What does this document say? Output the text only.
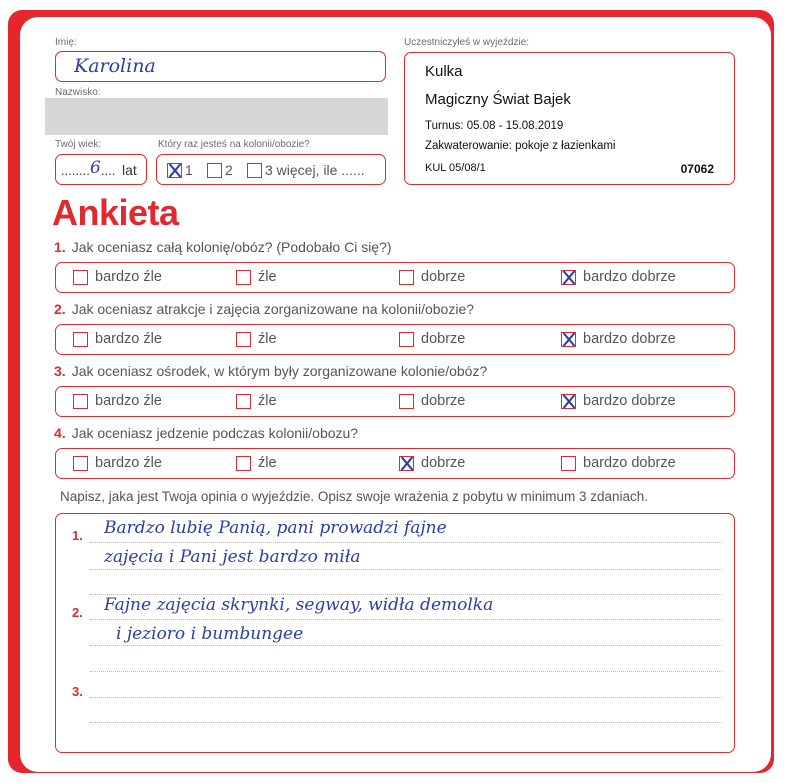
Imię:
Karolina
Nazwisko:
Twój wiek:
........ 6 .... lat
Który raz jesteś na kolonii/obozie?
1 2 3 więcej, ile ......
Uczestniczyłeś w wyjeździe:
Kulka
Magiczny Świat Bajek
Turnus: 05.08 - 15.08.2019
Zakwaterowanie: pokoje z łazienkami
KUL 05/08/1	07062
Ankieta
1. Jak oceniasz całą kolonię/obóz? (Podobało Ci się?)
bardzo źle	źle	dobrze	bardzo dobrze
2. Jak oceniasz atrakcje i zajęcia zorganizowane na kolonii/obozie?
bardzo źle	źle	dobrze	bardzo dobrze
3. Jak oceniasz ośrodek, w którym były zorganizowane kolonie/obóz?
bardzo źle	źle	dobrze	bardzo dobrze
4. Jak oceniasz jedzenie podczas kolonii/obozu?
bardzo źle	źle	dobrze	bardzo dobrze
Napisz, jaka jest Twoja opinia o wyjeździe. Opisz swoje wrażenia z pobytu w minimum 3 zdaniach.
1. Bardzo lubię Panią, pani prowadzi fajne
zajęcia i Pani jest bardzo miła
2. Fajne zajęcia skrynki, segway, widła demolka
i jezioro i bumbungee
3.
